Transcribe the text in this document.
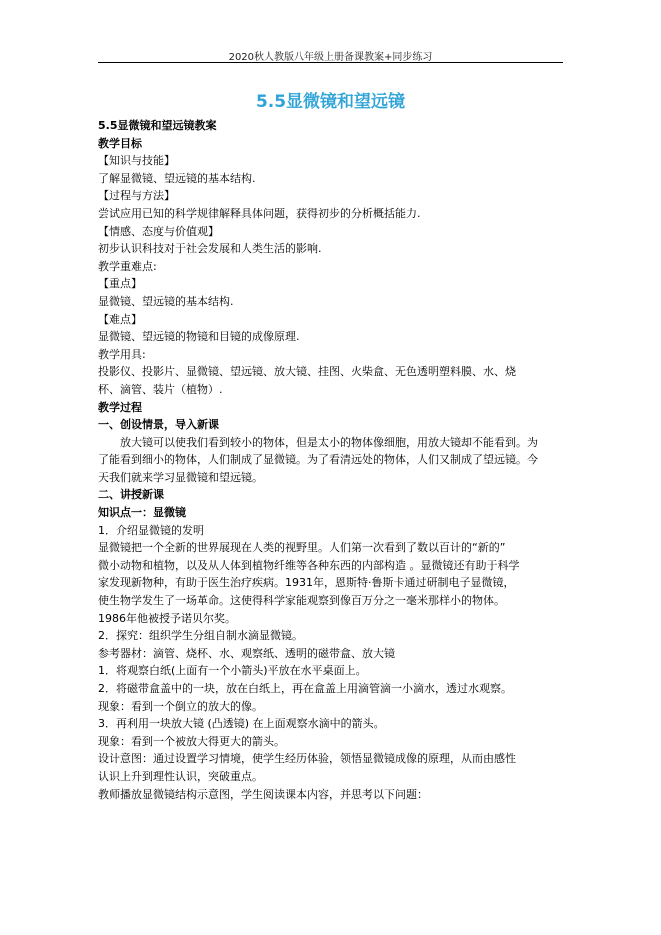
2020秋人教版八年级上册备课教案+同步练习
5.5显微镜和望远镜
5.5显微镜和望远镜教案
教学目标
【知识与技能】
了解显微镜、望远镜的基本结构.
【过程与方法】
尝试应用已知的科学规律解释具体问题，获得初步的分析概括能力.
【情感、态度与价值观】
初步认识科技对于社会发展和人类生活的影响.
教学重难点:
【重点】
显微镜、望远镜的基本结构.
【难点】
显微镜、望远镜的物镜和目镜的成像原理.
教学用具:
投影仪、投影片、显微镜、望远镜、放大镜、挂图、火柴盒、无色透明塑料膜、水、烧
杯、滴管、装片（植物）.
教学过程
一、创设情景，导入新课
放大镜可以使我们看到较小的物体，但是太小的物体像细胞，用放大镜却不能看到。为
了能看到细小的物体，人们制成了显微镜。为了看清远处的物体，人们又制成了望远镜。今
天我们就来学习显微镜和望远镜。
二、讲授新课
知识点一：显微镜
1．介绍显微镜的发明
显微镜把一个全新的世界展现在人类的视野里。人们第一次看到了数以百计的“新的”
微小动物和植物，以及从人体到植物纤维等各种东西的内部构造 。显微镜还有助于科学
家发现新物种，有助于医生治疗疾病。1931年，恩斯特·鲁斯卡通过研制电子显微镜，
使生物学发生了一场革命。这使得科学家能观察到像百万分之一毫米那样小的物体。
1986年他被授予诺贝尔奖。
2．探究：组织学生分组自制水滴显微镜。
参考器材：滴管、烧杯、水、观察纸、透明的磁带盒、放大镜
1．将观察白纸(上面有一个小箭头)平放在水平桌面上。
2．将磁带盒盖中的一块，放在白纸上，再在盒盖上用滴管滴一小滴水，透过水观察。
现象：看到一个倒立的放大的像。
3．再利用一块放大镜 (凸透镜) 在上面观察水滴中的箭头。
现象：看到一个被放大得更大的箭头。
设计意图：通过设置学习情境，使学生经历体验，领悟显微镜成像的原理，从而由感性
认识上升到理性认识，突破重点。
教师播放显微镜结构示意图，学生阅读课本内容，并思考以下问题：
